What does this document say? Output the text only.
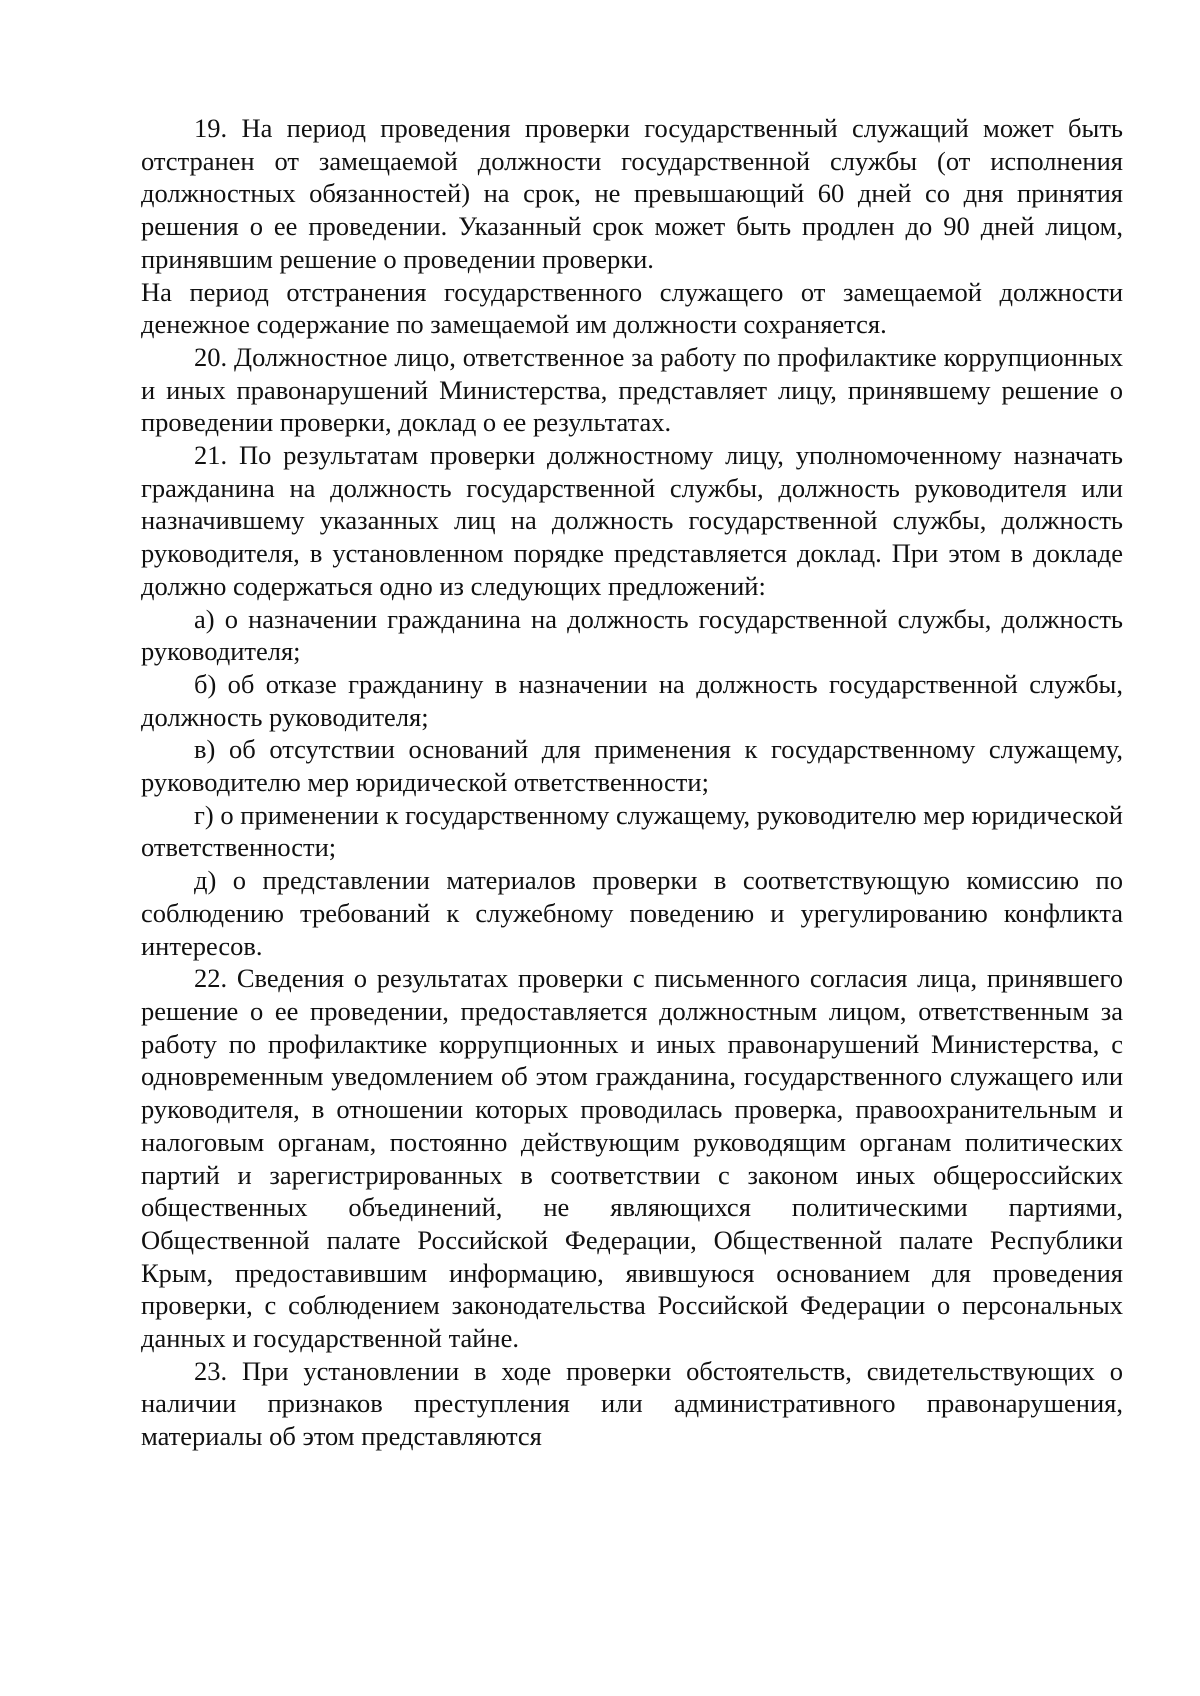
19. На период проведения проверки государственный служащий может быть отстранен от замещаемой должности государственной службы (от исполнения должностных обязанностей) на срок, не превышающий 60 дней со дня принятия решения о ее проведении. Указанный срок может быть продлен до 90 дней лицом, принявшим решение о проведении проверки.

На период отстранения государственного служащего от замещаемой должности денежное содержание по замещаемой им должности сохраняется.

20. Должностное лицо, ответственное за работу по профилактике коррупционных и иных правонарушений Министерства, представляет лицу, принявшему решение о проведении проверки, доклад о ее результатах.

21. По результатам проверки должностному лицу, уполномоченному назначать гражданина на должность государственной службы, должность руководителя или назначившему указанных лиц на должность государственной службы, должность руководителя, в установленном порядке представляется доклад. При этом в докладе должно содержаться одно из следующих предложений:

а) о назначении гражданина на должность государственной службы, должность руководителя;

б) об отказе гражданину в назначении на должность государственной службы, должность руководителя;

в) об отсутствии оснований для применения к государственному служащему, руководителю мер юридической ответственности;

г) о применении к государственному служащему, руководителю мер юридической ответственности;

д) о представлении материалов проверки в соответствующую комиссию по соблюдению требований к служебному поведению и урегулированию конфликта интересов.

22. Сведения о результатах проверки с письменного согласия лица, принявшего решение о ее проведении, предоставляется должностным лицом, ответственным за работу по профилактике коррупционных и иных правонарушений Министерства, с одновременным уведомлением об этом гражданина, государственного служащего или руководителя, в отношении которых проводилась проверка, правоохранительным и налоговым органам, постоянно действующим руководящим органам политических партий и зарегистрированных в соответствии с законом иных общероссийских общественных объединений, не являющихся политическими партиями, Общественной палате Российской Федерации, Общественной палате Республики Крым, предоставившим информацию, явившуюся основанием для проведения проверки, с соблюдением законодательства Российской Федерации о персональных данных и государственной тайне.

23. При установлении в ходе проверки обстоятельств, свидетельствующих о наличии признаков преступления или административного правонарушения, материалы об этом представляются
